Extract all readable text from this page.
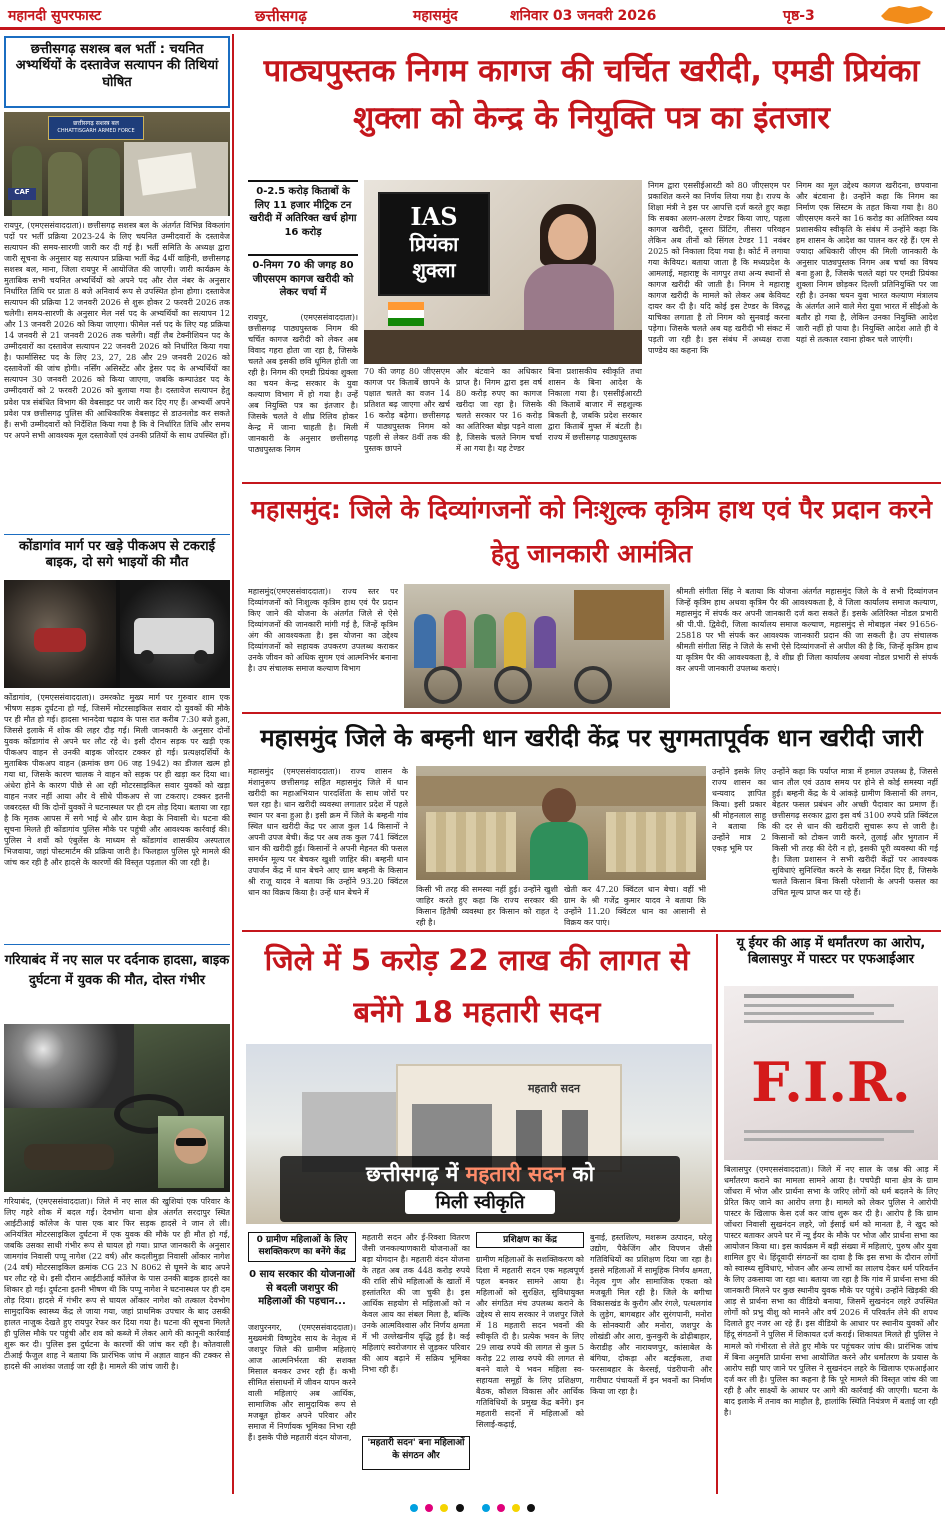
महानदी सुपरफास्ट	छत्तीसगढ़	महासमुंद	शनिवार 03 जनवरी 2026	पृष्ठ-3
छत्तीसगढ़ सशस्त्र बल भर्ती : चयनित अभ्यर्थियों के दस्तावेज सत्यापन की तिथियां घोषित
छत्तीसगढ़ सशस्त्र बल
CHHATTISGARH ARMED FORCE
CAF
रायपुर, (एमएससंवाददाता)। छत्तीसगढ़ सशस्त्र बल के अंतर्गत विभिन्न विकलांग पदों पर भर्ती प्रक्रिया 2023-24 के लिए चयनित उम्मीदवारों के दस्तावेज सत्यापन की समय-सारणी जारी कर दी गई है। भर्ती समिति के अध्यक्ष द्वारा जारी सूचना के अनुसार यह सत्यापन प्रक्रिया भर्ती केंद्र 4थीं वाहिनी, छत्तीसगढ़ सशस्त्र बल, माना, जिला रायपुर में आयोजित की जाएगी। जारी कार्यक्रम के मुताबिक सभी चयनित अभ्यर्थियों को अपने पद और रोल नंबर के अनुसार निर्धारित तिथि पर प्रातः 8 बजे अनिवार्य रूप से उपस्थित होना होगा। दस्तावेज सत्यापन की प्रक्रिया 12 जनवरी 2026 से शुरू होकर 2 फरवरी 2026 तक चलेगी। समय-सारणी के अनुसार मेल नर्स पद के अभ्यर्थियों का सत्यापन 12 और 13 जनवरी 2026 को किया जाएगा। फीमेल नर्स पद के लिए यह प्रक्रिया 14 जनवरी से 21 जनवरी 2026 तक चलेगी। वहीं लैब टेक्नीशियन पद के उम्मीदवारों का दस्तावेज सत्यापन 22 जनवरी 2026 को निर्धारित किया गया है। फार्मासिस्ट पद के लिए 23, 27, 28 और 29 जनवरी 2026 को दस्तावेजों की जांच होगी। नर्सिंग असिस्टेंट और ड्रेसर पद के अभ्यर्थियों का सत्यापन 30 जनवरी 2026 को किया जाएगा, जबकि कम्पाउंडर पद के उम्मीदवारों को 2 फरवरी 2026 को बुलाया गया है। दस्तावेज सत्यापन हेतु प्रवेश पत्र संबंधित विभाग की वेबसाइट पर जारी कर दिए गए हैं। अभ्यर्थी अपने प्रवेश पत्र छत्तीसगढ़ पुलिस की आधिकारिक वेबसाइट से डाउनलोड कर सकते हैं। सभी उम्मीदवारों को निर्देशित किया गया है कि वे निर्धारित तिथि और समय पर अपने सभी आवश्यक मूल दस्तावेजों एवं उनकी प्रतियों के साथ उपस्थित हों।
कोंडागांव मार्ग पर खड़े पीकअप से टकराई बाइक, दो सगे भाइयों की मौत
कोंडागांव, (एमएससंवाददाता)। उमरकोट मुख्य मार्ग पर गुरुवार शाम एक भीषण सड़क दुर्घटना हो गई, जिसमें मोटरसाइकिल सवार दो युवकों की मौके पर ही मौत हो गई। हादसा भानदेवा चढ़ाव के पास रात करीब 7:30 बजे हुआ, जिससे इलाके में शोक की लहर दौड़ गई। मिली जानकारी के अनुसार दोनों युवक कोंडागांव से अपने घर लौट रहे थे। इसी दौरान सड़क पर खड़ी एक पीकअप वाहन से उनकी बाइक जोरदार टक्कर हो गई। प्रत्यक्षदर्शियों के मुताबिक पीकअप वाहन (क्रमांक छग 06 जह 1942) का डीजल खत्म हो गया था, जिसके कारण चालक ने वाहन को सड़क पर ही खड़ा कर दिया था। अंधेरा होने के कारण पीछे से आ रही मोटरसाइकिल सवार युवकों को खड़ा वाहन नजर नहीं आया और वे सीधे पीकअप से जा टकराए। टक्कर इतनी जबरदस्त थी कि दोनों युवकों ने घटनास्थल पर ही दम तोड़ दिया। बताया जा रहा है कि मृतक आपस में सगे भाई थे और ग्राम केड़ा के निवासी थे। घटना की सूचना मिलते ही कोंडागांव पुलिस मौके पर पहुंची और आवश्यक कार्रवाई की। पुलिस ने शवों को एंबुलेंस के माध्यम से कोंडागांव शासकीय अस्पताल भिजवाया, जहां पोस्टमार्टम की प्रक्रिया जारी है। फिलहाल पुलिस पूरे मामले की जांच कर रही है और हादसे के कारणों की विस्तृत पड़ताल की जा रही है।
गरियाबंद में नए साल पर दर्दनाक हादसा, बाइक दुर्घटना में युवक की मौत, दोस्त गंभीर
गरियाबंद, (एमएससंवाददाता)। जिले में नए साल की खुशियां एक परिवार के लिए गहरे शोक में बदल गईं। देवभोग थाना क्षेत्र अंतर्गत सरदापुर स्थित आईटीआई कॉलेज के पास एक बार फिर सड़क हादसे ने जान ले ली। अनियंत्रित मोटरसाइकिल दुर्घटना में एक युवक की मौके पर ही मौत हो गई, जबकि उसका साथी गंभीर रूप से घायल हो गया। प्राप्त जानकारी के अनुसार जामगांव निवासी पप्पू नागेश (22 वर्ष) और कदलीमुड़ा निवासी ओंकार नागेश (24 वर्ष) मोटरसाइकिल क्रमांक CG 23 N 8062 से घूमने के बाद अपने घर लौट रहे थे। इसी दौरान आईटीआई कॉलेज के पास उनकी बाइक हादसे का शिकार हो गई। दुर्घटना इतनी भीषण थी कि पप्पू नागेश ने घटनास्थल पर ही दम तोड़ दिया। हादसे में गंभीर रूप से घायल ओंकार नागेश को तत्काल देवभोग सामुदायिक स्वास्थ्य केंद्र ले जाया गया, जहां प्राथमिक उपचार के बाद उसकी हालत नाजुक देखते हुए रायपुर रेफर कर दिया गया है। घटना की सूचना मिलते ही पुलिस मौके पर पहुंची और शव को कब्जे में लेकर आगे की कानूनी कार्रवाई शुरू कर दी। पुलिस इस दुर्घटना के कारणों की जांच कर रही है। कोतवाली टीआई फैजुल शाह ने बताया कि प्रारंभिक जांच में अज्ञात वाहन की टक्कर से हादसे की आशंका जताई जा रही है। मामले की जांच जारी है।
पाठ्यपुस्तक निगम कागज की चर्चित खरीदी, एमडी प्रियंका शुक्ला को केन्द्र के नियुक्ति पत्र का इंतजार
0-2.5 करोड़ किताबों के लिए 11 हजार मीट्रिक टन खरीदी में अतिरिक्त खर्च होगा 16 करोड़
0-निमग 70 की जगह 80 जीएसएम कागज खरीदी को लेकर चर्चा में
रायपुर, (एमएससंवाददाता)। छत्तीसगढ़ पाठ्यपुस्तक निगम की चर्चित कागज खरीदी को लेकर अब विवाद गहरा होता जा रहा है, जिसके चलते अब इसकी छवि धूमिल होती जा रही है। निगम की एमडी प्रियंका शुक्ला का चयन केन्द्र सरकार के युवा कल्याण विभाग में हो गया है। उन्हें अब नियुक्ति पत्र का इंतजार है। जिसके चलते वे शीघ्र रिलिव होकर केन्द्र में जाना चाहती है। मिली जानकारी के अनुसार छत्तीसगढ़ पाठ्यपुस्तक निगम
IAS
प्रियंका
शुक्ला
70 की जगह 80 जीएसएम कागज पर किताबें छापने के पक्षात चलते का वजन 14 प्रतिशत बढ़ जाएगा और खर्च 16 करोड़ बढ़ेगा। छत्तीसगढ़ में पाठ्यपुस्तक निगम को पहली से लेकर 8वीं तक की पुस्तक छापने
और बंटवाने का अधिकार प्राप्त है। निगम द्वारा इस वर्ष 80 करोड़ रुपए का कागज खरीदा जा रहा है। जिसके चलते सरकार पर 16 करोड़ का अतिरिक्त बोझ पड़ने वाला है, जिसके चलते निगम चर्चा में आ गया है। यह टेण्डर
बिना प्रशासकीय स्वीकृति तथा शासन के बिना आदेश के निकाला गया है। एससीईआरटी की किताबें बाजार में सहशुल्क बिकती है, जबकि प्रदेश सरकार द्वारा किताबें मुफ्त में बंटती है। राज्य में छत्तीसगढ़ पाठ्यपुस्तक
निगम द्वारा एससीईआरटी को 80 जीएसएम पर प्रकाशित करने का निर्णय लिया गया है। राज्य के शिक्षा मंत्री ने इस पर आपत्ति दर्ज करते हुए कहा कि सबका अलग-अलग टेण्डर किया जाए, पहला कागज खरीदी, दूसरा प्रिंटिंग, तीसरा परिवहन लेकिन अब तीनों को सिंगल टेण्डर 11 नवंबर 2025 को निकाला दिया गया है। कोर्ट में लगाया गया केवियट। बताया जाता है कि मध्यप्रदेश के आमलाई, महाराष्ट्र के नागपुर तथा अन्य स्थानों से कागज खरीदी की जाती है। निगम ने महाराष्ट्र कागज खरीदी के मामले को लेकर अब केवियट दायर कर दी है। यदि कोई इस टेण्डर के विरुद्ध याचिका लगाता है तो निगम को सुनवाई करना पड़ेगा। जिसके चलते अब यह खरीदी भी संकट में पड़ती जा रही है। इस संबंध में अध्यक्ष राजा पाण्डेय का कहना कि
निगम का मूल उद्देश्य कागज खरीदना, छपवाना और बंटवाना है। उन्होंने कहा कि निगम का निर्माण एक सिस्टम के तहत किया गया है। 80 जीएसएम करने का 16 करोड़ का अतिरिक्त व्यय प्रशासकीय स्वीकृति के संबंध में उन्होंने कहा कि हम शासन के आदेश का पालन कर रहे हैं। एम से ज्यादा अधिकारी जीएम की मिली जानकारी के अनुसार पाठ्यपुस्तक निगम अब चर्चा का विषय बना हुआ है, जिसके चलते यहां पर एमडी प्रियंका शुक्ला निगम छोड़कर दिल्ली प्रतिनियुक्ति पर जा रही है। उनका चयन युवा भारत कल्याण मंत्रालय के अंतर्गत आने वाले मेरा युवा भारत में सीईओ के बतौर हो गया है, लेकिन उनका नियुक्ति आदेश जारी नहीं हो पाया है। नियुक्ति आदेश आते ही वे यहां से तत्काल रवाना होकर चले जाएंगी।
महासमुंद: जिले के दिव्यांगजनों को निःशुल्क कृत्रिम हाथ एवं पैर प्रदान करने हेतु जानकारी आमंत्रित
महासमुंद(एमएससंवाददाता)। राज्य स्तर पर दिव्यांगजनों को निःशुल्क कृत्रिम हाथ एवं पैर प्रदान किए जाने की योजना के अंतर्गत जिले से ऐसे दिव्यांगजनों की जानकारी मांगी गई है, जिन्हें कृत्रिम अंग की आवश्यकता है। इस योजना का उद्देश्य दिव्यांगजनों को सहायक उपकरण उपलब्ध कराकर उनके जीवन को अधिक सुगम एवं आत्मनिर्भर बनाना है। उप संचालक समाज कल्याण विभाग
श्रीमती संगीता सिंह ने बताया कि योजना अंतर्गत महासमुंद जिले के वे सभी दिव्यांगजन जिन्हें कृत्रिम हाथ अथवा कृत्रिम पैर की आवश्यकता है, वे जिला कार्यालय समाज कल्याण, महासमुंद में संपर्क कर अपनी जानकारी दर्ज करा सकते हैं। इसके अतिरिक्त नोडल प्रभारी श्री पी.पी. द्विवेदी, जिला कार्यालय समाज कल्याण, महासमुंद से मोबाइल नंबर 91656-25818 पर भी संपर्क कर आवश्यक जानकारी प्रदान की जा सकती है। उप संचालक श्रीमती संगीता सिंह ने जिले के सभी ऐसे दिव्यांगजनों से अपील की है कि, जिन्हें कृत्रिम हाथ या कृत्रिम पैर की आवश्यकता है, वे शीघ्र ही जिला कार्यालय अथवा नोडल प्रभारी से संपर्क कर अपनी जानकारी उपलब्ध कराएं।
महासमुंद जिले के बम्हनी धान खरीदी केंद्र पर सुगमतापूर्वक धान खरीदी जारी
महासमुंद (एमएससंवाददाता)। राज्य शासन के मंशानुरूप छत्तीसगढ़ सहित महासमुंद जिले में धान खरीदी का महाअभियान पारदर्शिता के साथ जोरों पर चल रहा है। धान खरीदी व्यवस्था लगातार प्रदेश में पहले स्थान पर बना हुआ है। इसी क्रम में जिले के बम्हनी गांव स्थित धान खरीदी केंद्र पर आज कुल 14 किसानों ने अपनी उपज बेची। केंद्र पर अब तक कुल 741 क्विंटल धान की खरीदी हुई। किसानों ने अपनी मेहनत की फसल समर्थन मूल्य पर बेचकर खुशी जाहिर की। बम्हनी धान उपार्जन केंद्र में धान बेचने आए ग्राम बम्हनी के किसान श्री राजू यादव ने बताया कि उन्होंने 93.20 क्विंटल धान का विक्रय किया है। उन्हें धान बेचने में	किसी भी तरह की समस्या नहीं हुई। उन्होंने खुशी जाहिर करते हुए कहा कि राज्य सरकार की किसान हितैषी व्यवस्था हर किसान को राहत दे रही है।
खेती कर 47.20 क्विंटल धान बेचा। वहीं भी ग्राम के श्री गजेंद्र कुमार यादव ने बताया कि उन्होंने 11.20 क्विंटल धान का आसानी से विक्रय कर पाएं।
उन्होंने इसके लिए राज्य शासन का धन्यवाद ज्ञापित किया। इसी प्रकार श्री मोहनलाल साहू ने बताया कि उन्होंने मात्र 2 एकड़ भूमि पर
उन्होंने कहा कि पर्याप्त मात्रा में हमाल उपलब्ध है, जिससे धान तौल एवं उठाव समय पर होने से कोई समस्या नहीं हुई। बम्हनी केंद्र के ये आंकड़े ग्रामीण किसानों की लगन, बेहतर फसल प्रबंधन और अच्छी पैदावार का प्रमाण हैं। छत्तीसगढ़ सरकार द्वारा इस वर्ष 3100 रुपये प्रति क्विंटल की दर से धान की खरीदारी सुचारू रूप से जारी है। किसानों को टोकन जारी करने, तुलाई और भुगतान में किसी भी तरह की देरी न हो, इसकी पूरी व्यवस्था की गई है। जिला प्रशासन ने सभी खरीदी केंद्रों पर आवश्यक सुविधाएं सुनिश्चित करने के सख्त निर्देश दिए हैं, जिसके चलते किसान बिना किसी परेशानी के अपनी फसल का उचित मूल्य प्राप्त कर पा रहे हैं।
जिले में 5 करोड़ 22 लाख की लागत से बनेंगे 18 महतारी सदन
महतारी सदन
छत्तीसगढ़ में महतारी सदन को
मिली स्वीकृति
0 ग्रामीण महिलाओं के लिए सशक्तिकरण का बनेंगे केंद्र
0 साय सरकार की योजनाओं से बदली जशपुर की महिलाओं की पहचान...
जशपुरनगर, (एमएससंवाददाता)। मुख्यमंत्री विष्णुदेव साय के नेतृत्व में जशपुर जिले की ग्रामीण महिलाएं आज आत्मनिर्भरता की सशक्त मिसाल बनकर उभर रही हैं। कभी सीमित संसाधनों में जीवन यापन करने वाली महिलाएं अब आर्थिक, सामाजिक और सामुदायिक रूप से मजबूत होकर अपने परिवार और समाज में निर्णायक भूमिका निभा रही हैं। इसके पीछे महतारी वंदन योजना,
महतारी सदन और ई-रिक्शा वितरण जैसी जनकल्याणकारी योजनाओं का बड़ा योगदान है। महतारी वंदन योजना के तहत अब तक 448 करोड़ रुपये की राशि सीधे महिलाओं के खातों में हस्तांतरित की जा चुकी है। इस आर्थिक सहयोग से महिलाओं को न केवल आय का संबल मिला है, बल्कि उनके आत्मविश्वास और निर्णय क्षमता में भी उल्लेखनीय वृद्धि हुई है। कई महिलाएं स्वरोजगार से जुड़कर परिवार की आय बढ़ाने में सक्रिय भूमिका निभा रही हैं।
'महतारी सदन' बना महिलाओं के संगठन और
प्रशिक्षण का केंद्र
ग्रामीण महिलाओं के सशक्तिकरण को दिशा में महतारी सदन एक महत्वपूर्ण पहल बनकर सामने आया है। महिलाओं को सुरक्षित, सुविधायुक्त और संगठित मंच उपलब्ध कराने के उद्देश्य से साय सरकार ने जशपुर जिले में 18 महतारी सदन भवनों की स्वीकृति दी है। प्रत्येक भवन के लिए 29 लाख रुपये की लागत से कुल 5 करोड़ 22 लाख रुपये की लागत से बनने वाले ये भवन महिला स्व-सहायता समूहों के लिए प्रशिक्षण, बैठक, कौशल विकास और आर्थिक गतिविधियों के प्रमुख केंद्र बनेंगे। इन महतारी सदनों में महिलाओं को सिलाई-कढ़ाई,
बुनाई, हस्तशिल्प, मशरूम उत्पादन, घरेलू उद्योग, पैकेजिंग और विपणन जैसी गतिविधियों का प्रशिक्षण दिया जा रहा है। इससे महिलाओं में सामूहिक निर्णय क्षमता, नेतृत्व गुण और सामाजिक एकता को मजबूती मिल रही है। जिले के बगीचा विकासखंड के कुरौग और रंगले, पत्थलगांव के लुड़ेग, बागबहार और सुरंगपानी, मनोरा के सोनक्यारी और मनोरा, जशपुर के लोखंडी और आरा, कुनकुरी के ढोढ़ीबाहार, केराडीह और नारायणपुर, कांसाबेल के बंगिया, दोकड़ा और बटईकला, तथा फरसाबहार के केरसई, पंडरीपानी और गारीघाट पंचायतों में इन भवनों का निर्माण किया जा रहा है।
यू ईयर की आड़ में धर्मांतरण का आरोप, बिलासपुर में पास्टर पर एफआईआर
F.I.R.
बिलासपुर (एमएससंवाददाता)। जिले में नए साल के जश्न की आड़ में धर्मांतरण कराने का मामला सामने आया है। पचपेड़ी थाना क्षेत्र के ग्राम जोंधरा में भोज और प्रार्थना सभा के जरिए लोगों को धर्म बदलने के लिए प्रेरित किए जाने का आरोप लगा है। मामले को लेकर पुलिस ने आरोपी पास्टर के खिलाफ केस दर्ज कर जांच शुरू कर दी है। आरोप है कि ग्राम जोंधरा निवासी सुखनंदन लहरे, जो ईसाई धर्म को मानता है, ने खुद को पास्टर बताकर अपने घर में न्यू ईयर के मौके पर भोज और प्रार्थना सभा का आयोजन किया था। इस कार्यक्रम में बड़ी संख्या में महिलाएं, पुरुष और युवा शामिल हुए थे। हिंदूवादी संगठनों का दावा है कि इस सभा के दौरान लोगों को स्वास्थ्य सुविधाएं, भोजन और अन्य लाभों का लालच देकर धर्म परिवर्तन के लिए उकसाया जा रहा था। बताया जा रहा है कि गांव में प्रार्थना सभा की जानकारी मिलने पर कुछ स्थानीय युवक मौके पर पहुंचे। उन्होंने खिड़की की आड़ से प्रार्थना सभा का वीडियो बनाया, जिसमें सुखनंदन लहरे उपस्थित लोगों को प्रभु यीशु को मानने और वर्ष 2026 में परिवर्तन लेने की शपथ दिलाते हुए नजर आ रहे हैं। इस वीडियो के आधार पर स्थानीय युवकों और हिंदू संगठनों ने पुलिस में शिकायत दर्ज कराई। शिकायत मिलते ही पुलिस ने मामले को गंभीरता से लेते हुए मौके पर पहुंचकर जांच की। प्रारंभिक जांच में बिना अनुमति प्रार्थना सभा आयोजित करने और धर्मांतरण के प्रयास के आरोप सही पाए जाने पर पुलिस ने सुखनंदन लहरे के खिलाफ एफआईआर दर्ज कर ली है। पुलिस का कहना है कि पूरे मामले की विस्तृत जांच की जा रही है और साक्ष्यों के आधार पर आगे की कार्रवाई की जाएगी। घटना के बाद इलाके में तनाव का माहौल है, हालांकि स्थिति नियंत्रण में बताई जा रही है।
